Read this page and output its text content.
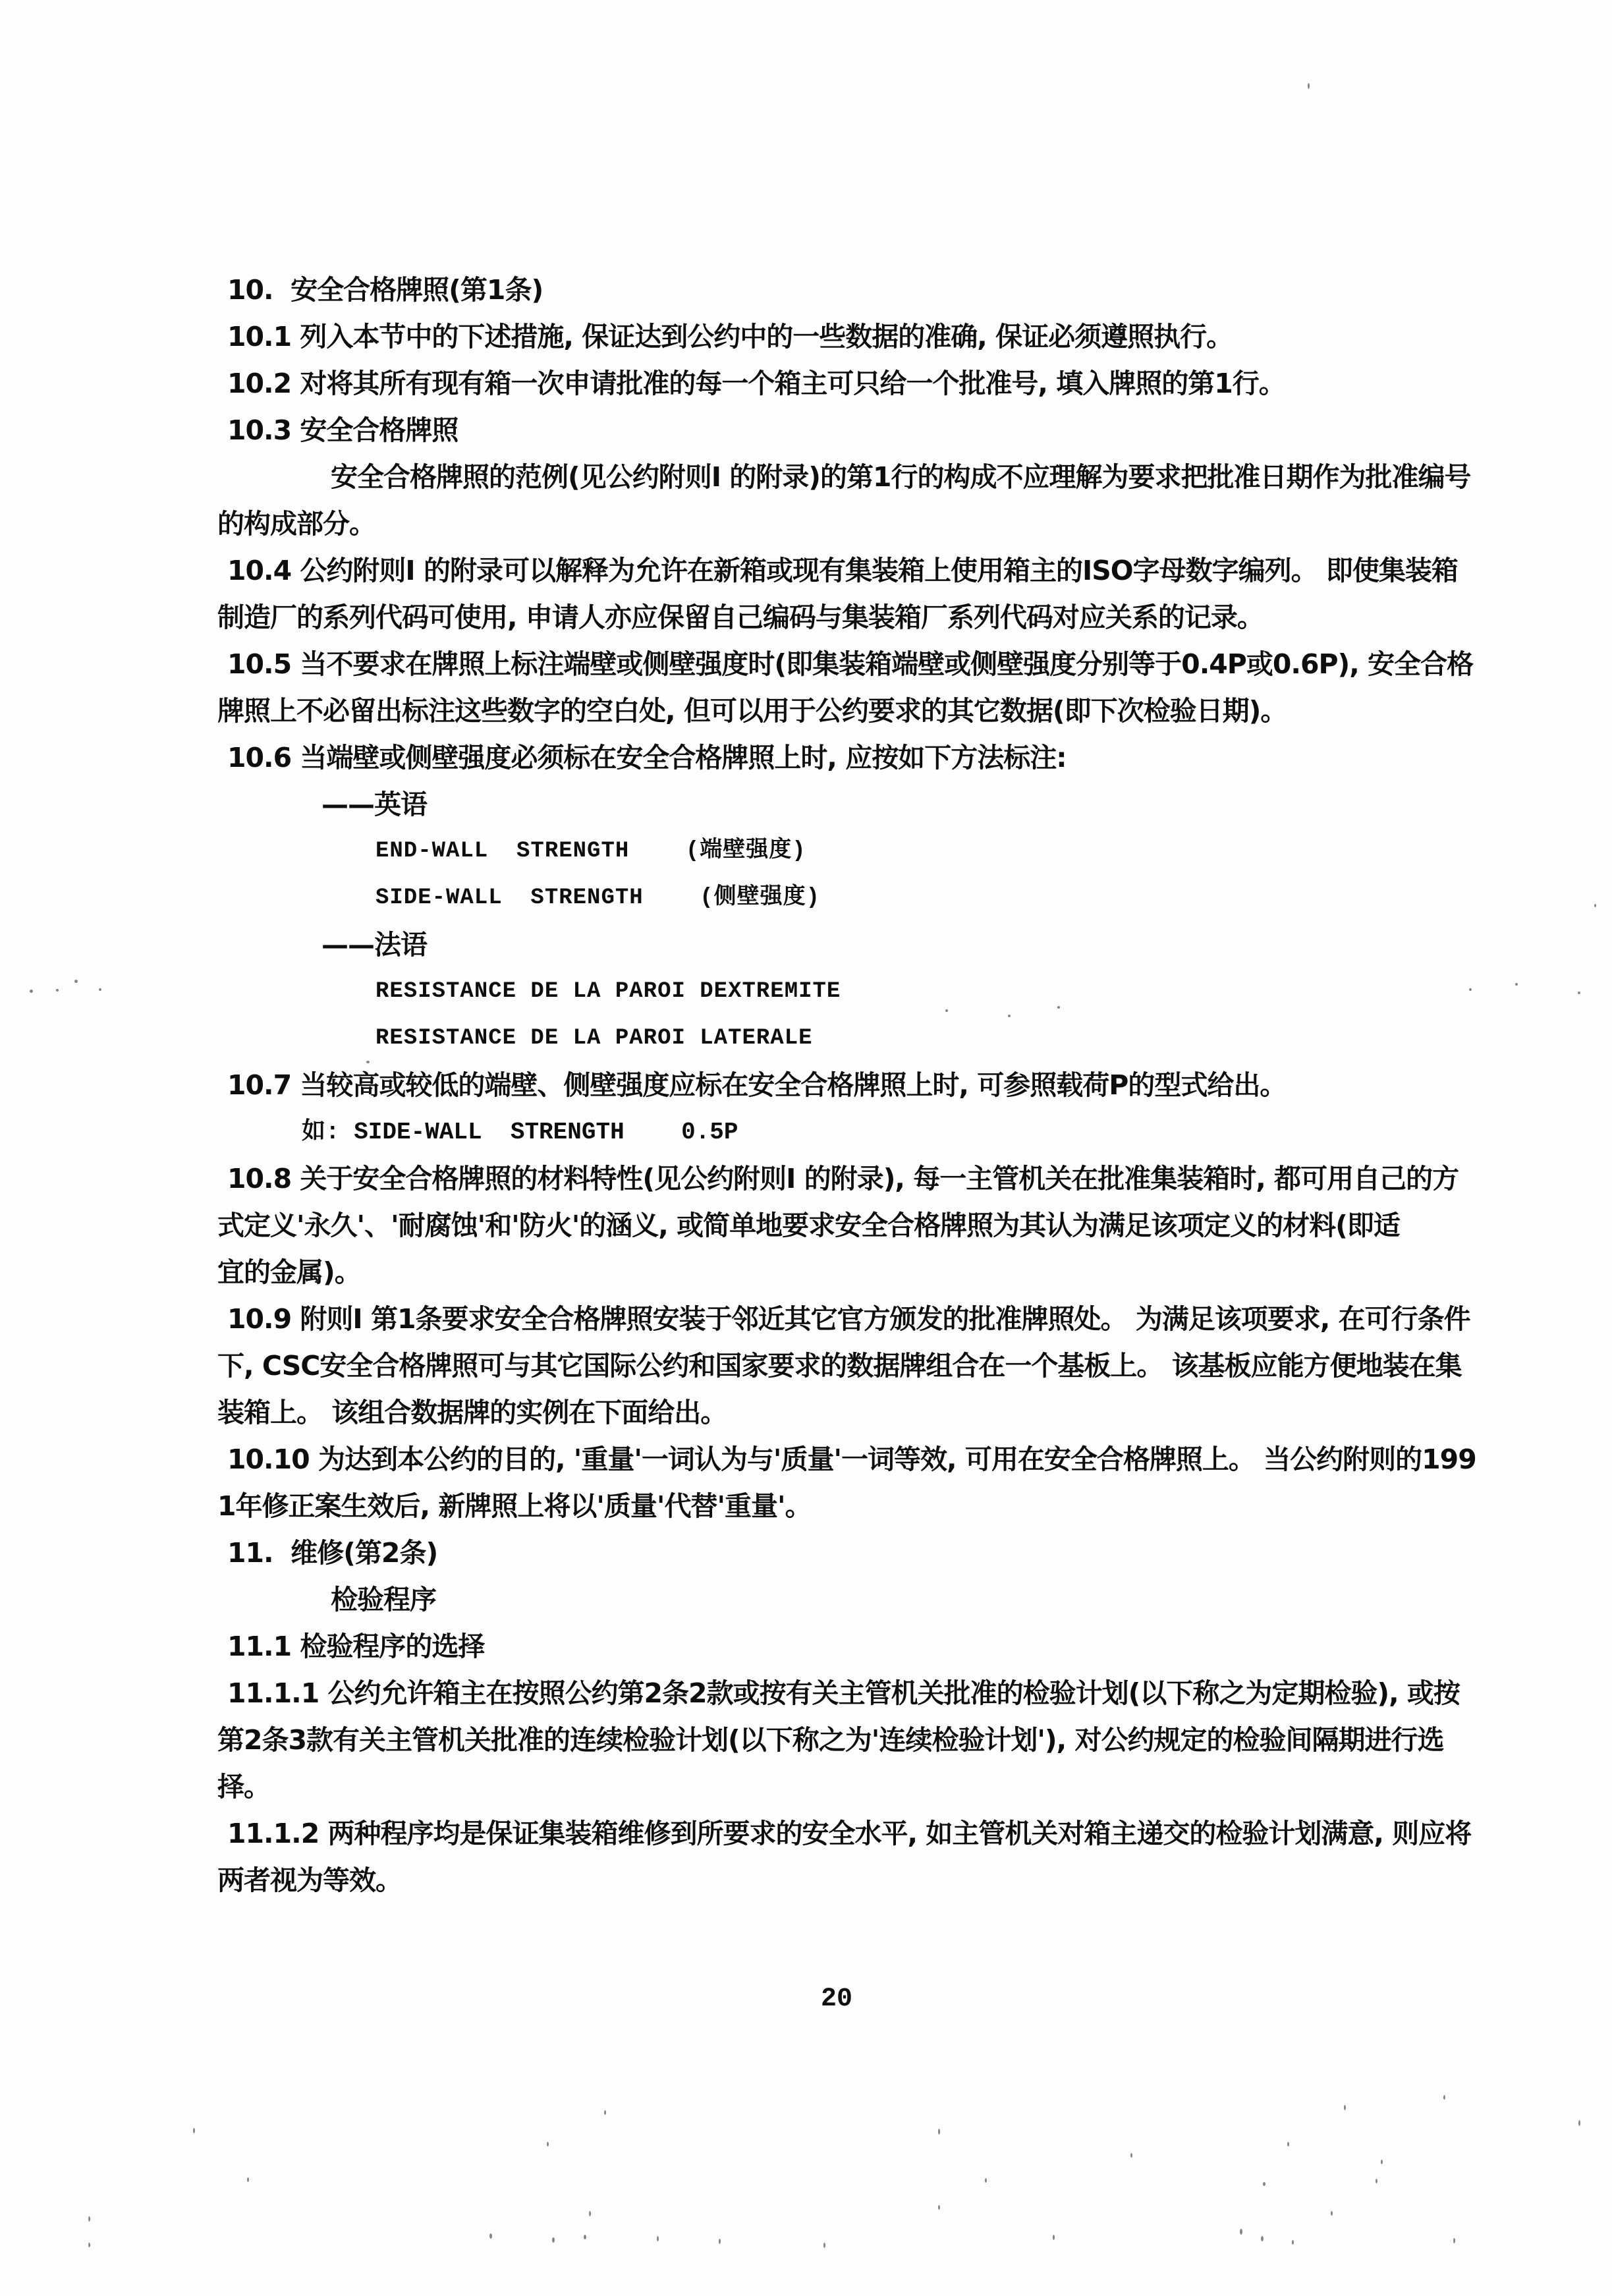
10.  安全合格牌照(第1条)
10.1 列入本节中的下述措施, 保证达到公约中的一些数据的准确, 保证必须遵照执行。
10.2 对将其所有现有箱一次申请批准的每一个箱主可只给一个批准号, 填入牌照的第1行。
10.3 安全合格牌照
安全合格牌照的范例(见公约附则Ⅰ 的附录)的第1行的构成不应理解为要求把批准日期作为批准编号
的构成部分。
10.4 公约附则Ⅰ 的附录可以解释为允许在新箱或现有集装箱上使用箱主的ISO字母数字编列。 即使集装箱
制造厂的系列代码可使用, 申请人亦应保留自己编码与集装箱厂系列代码对应关系的记录。
10.5 当不要求在牌照上标注端壁或侧壁强度时(即集装箱端壁或侧壁强度分别等于0.4P或0.6P), 安全合格
牌照上不必留出标注这些数字的空白处, 但可以用于公约要求的其它数据(即下次检验日期)。
10.6 当端壁或侧壁强度必须标在安全合格牌照上时, 应按如下方法标注:
——英语
END-WALL  STRENGTH    (端壁强度)
SIDE-WALL  STRENGTH    (侧壁强度)
——法语
RESISTANCE DE LA PAROI DEXTREMITE
RESISTANCE DE LA PAROI LATERALE
10.7 当较高或较低的端壁、侧壁强度应标在安全合格牌照上时, 可参照载荷P的型式给出。
如: SIDE-WALL  STRENGTH    0.5P
10.8 关于安全合格牌照的材料特性(见公约附则Ⅰ 的附录), 每一主管机关在批准集装箱时, 都可用自己的方
式定义'永久'、'耐腐蚀'和'防火'的涵义, 或简单地要求安全合格牌照为其认为满足该项定义的材料(即适
宜的金属)。
10.9 附则Ⅰ 第1条要求安全合格牌照安装于邻近其它官方颁发的批准牌照处。 为满足该项要求, 在可行条件
下, CSC安全合格牌照可与其它国际公约和国家要求的数据牌组合在一个基板上。 该基板应能方便地装在集
装箱上。 该组合数据牌的实例在下面给出。
10.10 为达到本公约的目的, '重量'一词认为与'质量'一词等效, 可用在安全合格牌照上。 当公约附则的199
1年修正案生效后, 新牌照上将以'质量'代替'重量'。
11.  维修(第2条)
检验程序
11.1 检验程序的选择
11.1.1 公约允许箱主在按照公约第2条2款或按有关主管机关批准的检验计划(以下称之为定期检验), 或按
第2条3款有关主管机关批准的连续检验计划(以下称之为'连续检验计划'), 对公约规定的检验间隔期进行选
择。
11.1.2 两种程序均是保证集装箱维修到所要求的安全水平, 如主管机关对箱主递交的检验计划满意, 则应将
两者视为等效。
20
